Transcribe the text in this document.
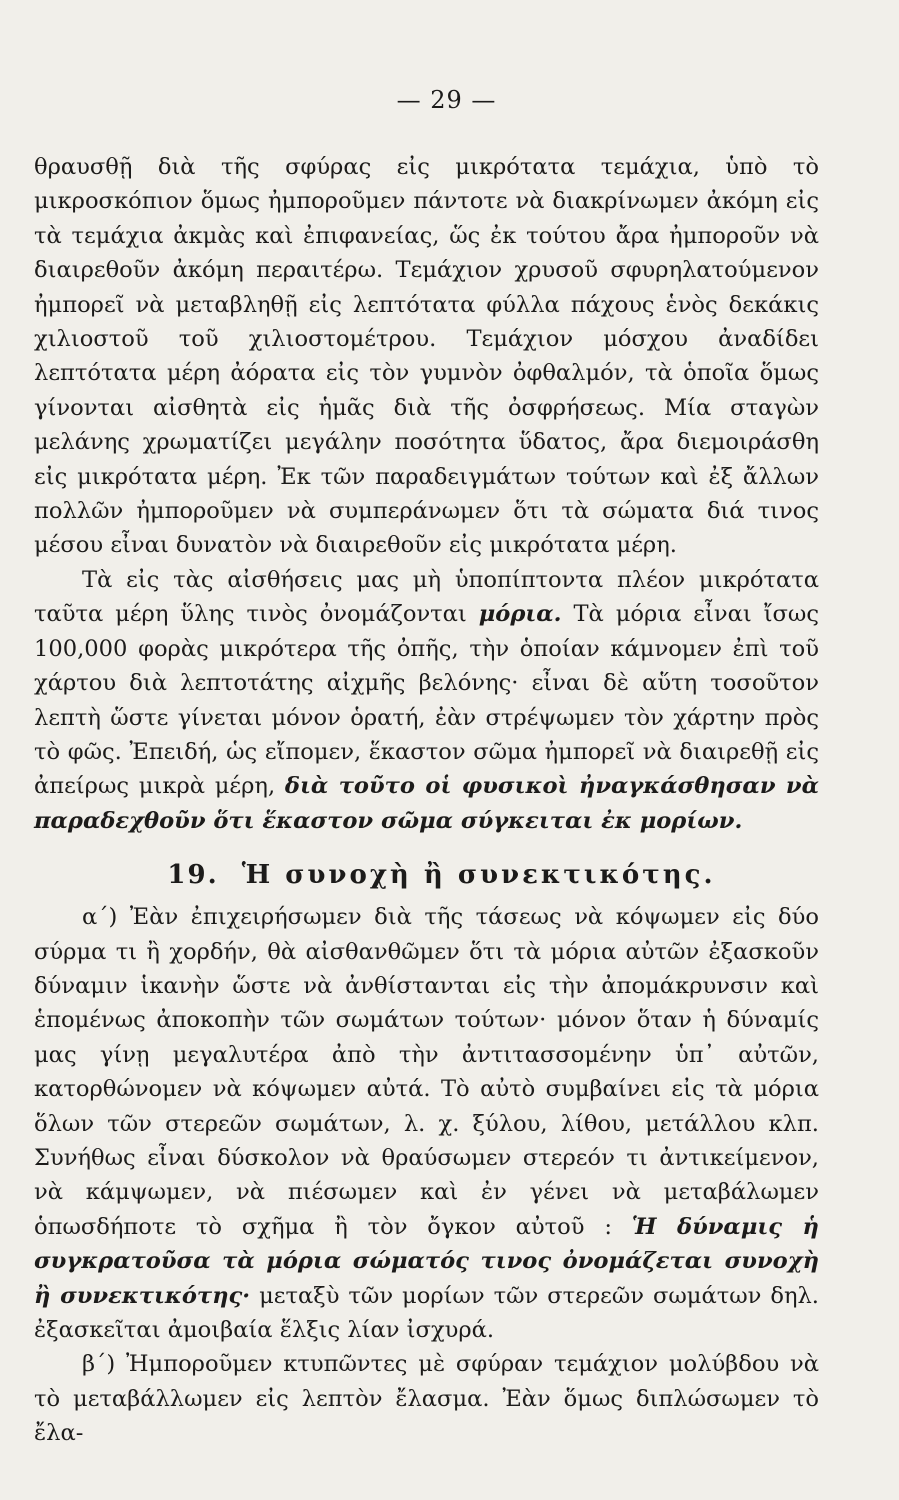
— 29 —

θραυσθῇ διὰ τῆς σφύρας εἰς μικρότατα τεμάχια, ὑπὸ τὸ μικροσκόπιον ὅμως ἠμποροῦμεν πάντοτε νὰ διακρίνωμεν ἀκόμη εἰς τὰ τεμάχια ἀκμὰς καὶ ἐπιφανείας, ὥς ἐκ τούτου ἄρα ἠμποροῦν νὰ διαιρεθοῦν ἀκόμη περαιτέρω. Τεμάχιον χρυσοῦ σφυρηλατούμενον ἠμπορεῖ νὰ μεταβληθῇ εἰς λεπτότατα φύλλα πάχους ἑνὸς δεκάκις χιλιοστοῦ τοῦ χιλιοστομέτρου. Τεμάχιον μόσχου ἀναδίδει λεπτότατα μέρη ἀόρατα εἰς τὸν γυμνὸν ὀφθαλμόν, τὰ ὁποῖα ὅμως γίνονται αἰσθητὰ εἰς ἡμᾶς διὰ τῆς ὀσφρήσεως. Μία σταγὼν μελάνης χρωματίζει μεγάλην ποσότητα ὕδατος, ἄρα διεμοιράσθη εἰς μικρότατα μέρη. Ἐκ τῶν παραδειγμάτων τούτων καὶ ἐξ ἄλλων πολλῶν ἠμποροῦμεν νὰ συμπεράνωμεν ὅτι τὰ σώματα διά τινος μέσου εἶναι δυνατὸν νὰ διαιρεθοῦν εἰς μικρότατα μέρη.

Τὰ εἰς τὰς αἰσθήσεις μας μὴ ὑποπίπτοντα πλέον μικρότατα ταῦτα μέρη ὕλης τινὸς ὀνομάζονται μόρια. Τὰ μόρια εἶναι ἴσως 100,000 φορὰς μικρότερα τῆς ὀπῆς, τὴν ὁποίαν κάμνομεν ἐπὶ τοῦ χάρτου διὰ λεπτοτάτης αἰχμῆς βελόνης· εἶναι δὲ αὕτη τοσοῦτον λεπτὴ ὥστε γίνεται μόνον ὁρατή, ἐὰν στρέψωμεν τὸν χάρτην πρὸς τὸ φῶς. Ἐπειδή, ὡς εἴπομεν, ἕκαστον σῶμα ἠμπορεῖ νὰ διαιρεθῇ εἰς ἀπείρως μικρὰ μέρη, διὰ τοῦτο οἱ φυσικοὶ ἠναγκάσθησαν νὰ παραδεχθοῦν ὅτι ἕκαστον σῶμα σύγκειται ἐκ μορίων.

19. Ἡ συνοχὴ ἢ συνεκτικότης.

α΄) Ἐὰν ἐπιχειρήσωμεν διὰ τῆς τάσεως νὰ κόψωμεν εἰς δύο σύρμα τι ἢ χορδήν, θὰ αἰσθανθῶμεν ὅτι τὰ μόρια αὐτῶν ἐξασκοῦν δύναμιν ἱκανὴν ὥστε νὰ ἀνθίστανται εἰς τὴν ἀπομάκρυνσιν καὶ ἑπομένως ἀποκοπὴν τῶν σωμάτων τούτων· μόνον ὅταν ἡ δύναμίς μας γίνῃ μεγαλυτέρα ἀπὸ τὴν ἀντιτασσομένην ὑπ᾽ αὐτῶν, κατορθώνομεν νὰ κόψωμεν αὐτά. Τὸ αὐτὸ συμβαίνει εἰς τὰ μόρια ὅλων τῶν στερεῶν σωμάτων, λ. χ. ξύλου, λίθου, μετάλλου κλπ. Συνήθως εἶναι δύσκολον νὰ θραύσωμεν στερεόν τι ἀντικείμενον, νὰ κάμψωμεν, νὰ πιέσωμεν καὶ ἐν γένει νὰ μεταβάλωμεν ὁπωσδήποτε τὸ σχῆμα ἢ τὸν ὄγκον αὐτοῦ : Ἡ δύναμις ἡ συγκρατοῦσα τὰ μόρια σώματός τινος ὀνομάζεται συνοχὴ ἢ συνεκτικότης· μεταξὺ τῶν μορίων τῶν στερεῶν σωμάτων δηλ. ἐξασκεῖται ἀμοιβαία ἕλξις λίαν ἰσχυρά.

β΄) Ἠμποροῦμεν κτυπῶντες μὲ σφύραν τεμάχιον μολύβδου νὰ τὸ μεταβάλλωμεν εἰς λεπτὸν ἔλασμα. Ἐὰν ὅμως διπλώσωμεν τὸ ἔλα-
